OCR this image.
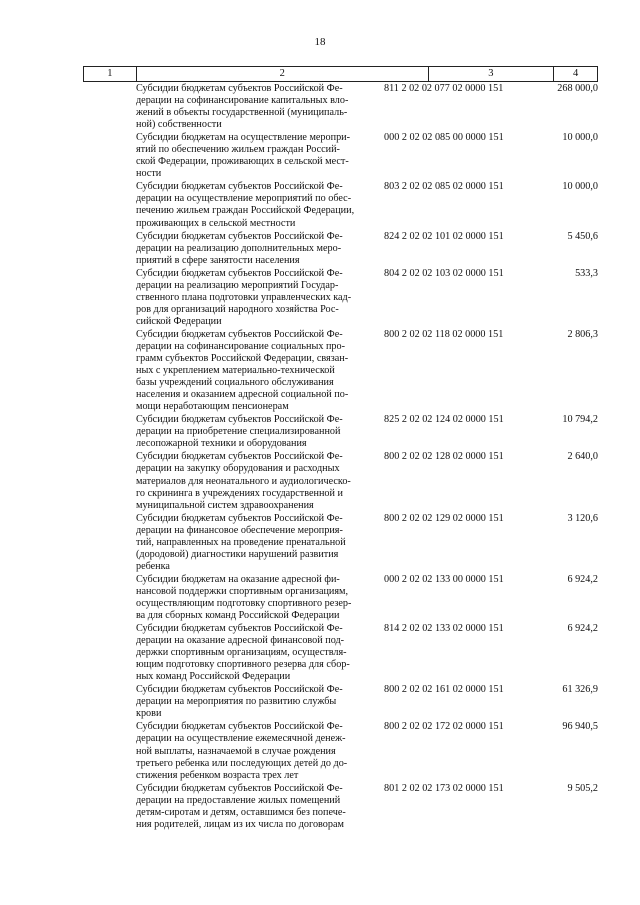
18
1	2	3	4
Субсидии бюджетам субъектов Российской Фе-
дерации на софинансирование капитальных вло-
жений в объекты государственной (муниципаль-
ной) собственности
811 2 02 02 077 02 0000 151	268 000,0
Субсидии бюджетам на осуществление меропри-
ятий по обеспечению жильем граждан Россий-
ской Федерации, проживающих в сельской мест-
ности
000 2 02 02 085 00 0000 151	10 000,0
Субсидии бюджетам субъектов Российской Фе-
дерации на осуществление мероприятий по обес-
печению жильем граждан Российской Федерации,
проживающих в сельской местности
803 2 02 02 085 02 0000 151	10 000,0
Субсидии бюджетам субъектов Российской Фе-
дерации на реализацию дополнительных меро-
приятий в сфере занятости населения
824 2 02 02 101 02 0000 151	5 450,6
Субсидии бюджетам субъектов Российской Фе-
дерации на реализацию мероприятий Государ-
ственного плана подготовки управленческих кад-
ров для организаций народного хозяйства Рос-
сийской Федерации
804 2 02 02 103 02 0000 151	533,3
Субсидии бюджетам субъектов Российской Фе-
дерации на софинансирование социальных про-
грамм субъектов Российской Федерации, связан-
ных с укреплением материально-технической
базы учреждений социального обслуживания
населения и оказанием адресной социальной по-
мощи неработающим пенсионерам
800 2 02 02 118 02 0000 151	2 806,3
Субсидии бюджетам субъектов Российской Фе-
дерации на приобретение специализированной
лесопожарной техники и оборудования
825 2 02 02 124 02 0000 151	10 794,2
Субсидии бюджетам субъектов Российской Фе-
дерации на закупку оборудования и расходных
материалов для неонатального и аудиологическо-
го скрининга в учреждениях государственной и
муниципальной систем здравоохранения
800 2 02 02 128 02 0000 151	2 640,0
Субсидии бюджетам субъектов Российской Фе-
дерации на финансовое обеспечение мероприя-
тий, направленных на проведение пренатальной
(дородовой) диагностики нарушений развития
ребенка
800 2 02 02 129 02 0000 151	3 120,6
Субсидии бюджетам на оказание адресной фи-
нансовой поддержки спортивным организациям,
осуществляющим подготовку спортивного резер-
ва для сборных команд Российской Федерации
000 2 02 02 133 00 0000 151	6 924,2
Субсидии бюджетам субъектов Российской Фе-
дерации на оказание адресной финансовой под-
держки спортивным организациям, осуществля-
ющим подготовку спортивного резерва для сбор-
ных команд Российской Федерации
814 2 02 02 133 02 0000 151	6 924,2
Субсидии бюджетам субъектов Российской Фе-
дерации на мероприятия по развитию службы
крови
800 2 02 02 161 02 0000 151	61 326,9
Субсидии бюджетам субъектов Российской Фе-
дерации на осуществление ежемесячной денеж-
ной выплаты, назначаемой в случае рождения
третьего ребенка или последующих детей до до-
стижения ребенком возраста трех лет
800 2 02 02 172 02 0000 151	96 940,5
Субсидии бюджетам субъектов Российской Фе-
дерации на предоставление жилых помещений
детям-сиротам и детям, оставшимся без попече-
ния родителей, лицам из их числа по договорам
801 2 02 02 173 02 0000 151	9 505,2
